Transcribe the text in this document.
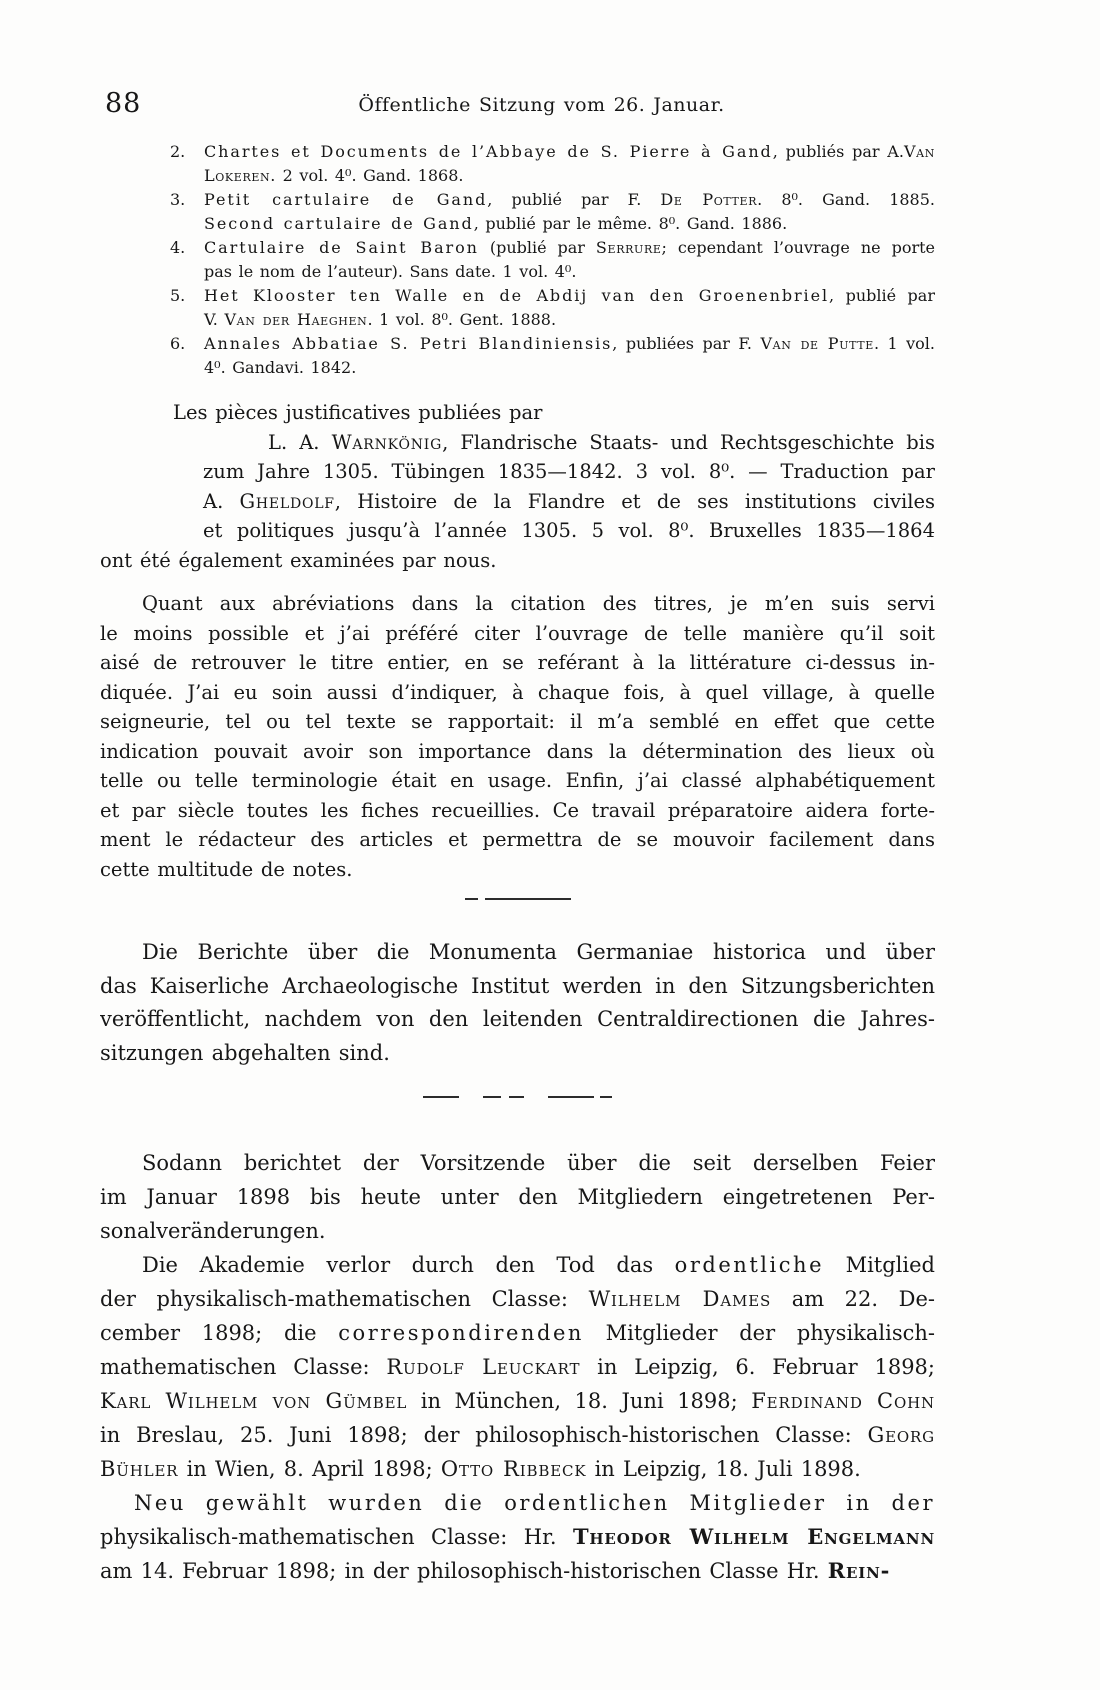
88	Öffentliche Sitzung vom 26. Januar.
2. Chartes et Documents de l’Abbaye de S. Pierre à Gand, publiés par A.Van
Lokeren. 2 vol. 4⁰. Gand. 1868.
3. Petit cartulaire de Gand, publié par F. De Potter. 8⁰. Gand. 1885.
Second cartulaire de Gand, publié par le même. 8⁰. Gand. 1886.
4. Cartulaire de Saint Baron (publié par Serrure; cependant l’ouvrage ne porte
pas le nom de l’auteur). Sans date. 1 vol. 4⁰.
5. Het Klooster ten Walle en de Abdij van den Groenenbriel, publié par
V. Van der Haeghen. 1 vol. 8⁰. Gent. 1888.
6. Annales Abbatiae S. Petri Blandiniensis, publiées par F. Van de Putte. 1 vol.
4⁰. Gandavi. 1842.
Les pièces justificatives publiées par
L. A. Warnkönig, Flandrische Staats- und Rechtsgeschichte bis
zum Jahre 1305. Tübingen 1835—1842. 3 vol. 8⁰. — Traduction par
A. Gheldolf, Histoire de la Flandre et de ses institutions civiles
et politiques jusqu’à l’année 1305. 5 vol. 8⁰. Bruxelles 1835—1864
ont été également examinées par nous.
Quant aux abréviations dans la citation des titres, je m’en suis servi
le moins possible et j’ai préféré citer l’ouvrage de telle manière qu’il soit
aisé de retrouver le titre entier, en se reférant à la littérature ci-dessus in-
diquée. J’ai eu soin aussi d’indiquer, à chaque fois, à quel village, à quelle
seigneurie, tel ou tel texte se rapportait: il m’a semblé en effet que cette
indication pouvait avoir son importance dans la détermination des lieux où
telle ou telle terminologie était en usage. Enfin, j’ai classé alphabétiquement
et par siècle toutes les fiches recueillies. Ce travail préparatoire aidera forte-
ment le rédacteur des articles et permettra de se mouvoir facilement dans
cette multitude de notes.
Die Berichte über die Monumenta Germaniae historica und über
das Kaiserliche Archaeologische Institut werden in den Sitzungsberichten
veröffentlicht, nachdem von den leitenden Centraldirectionen die Jahres-
sitzungen abgehalten sind.
Sodann berichtet der Vorsitzende über die seit derselben Feier
im Januar 1898 bis heute unter den Mitgliedern eingetretenen Per-
sonalveränderungen.
Die Akademie verlor durch den Tod das ordentliche Mitglied
der physikalisch-mathematischen Classe: Wilhelm Dames am 22. De-
cember 1898; die correspondirenden Mitglieder der physikalisch-
mathematischen Classe: Rudolf Leuckart in Leipzig, 6. Februar 1898;
Karl Wilhelm von Gümbel in München, 18. Juni 1898; Ferdinand Cohn
in Breslau, 25. Juni 1898; der philosophisch-historischen Classe: Georg
Bühler in Wien, 8. April 1898; Otto Ribbeck in Leipzig, 18. Juli 1898.
Neu gewählt wurden die ordentlichen Mitglieder in der
physikalisch-mathematischen Classe: Hr. Theodor Wilhelm Engelmann
am 14. Februar 1898; in der philosophisch-historischen Classe Hr. Rein-
